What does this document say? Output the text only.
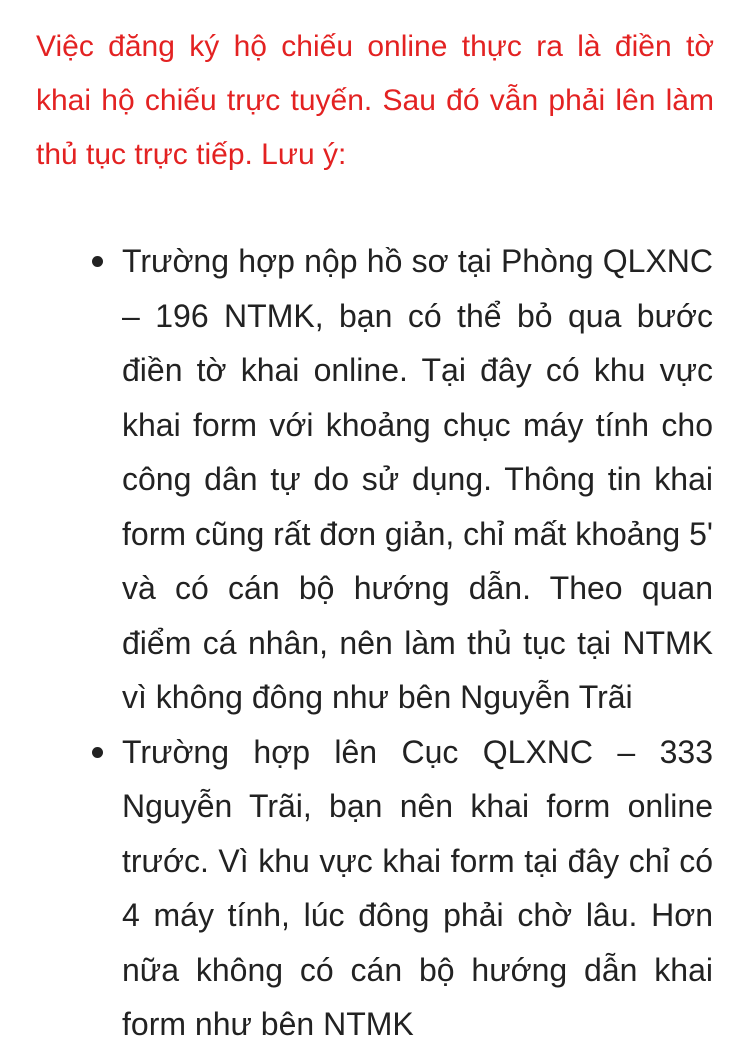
Việc đăng ký hộ chiếu online thực ra là điền tờ khai hộ chiếu trực tuyến. Sau đó vẫn phải lên làm thủ tục trực tiếp. Lưu ý:

Trường hợp nộp hồ sơ tại Phòng QLXNC – 196 NTMK, bạn có thể bỏ qua bước điền tờ khai online. Tại đây có khu vực khai form với khoảng chục máy tính cho công dân tự do sử dụng. Thông tin khai form cũng rất đơn giản, chỉ mất khoảng 5' và có cán bộ hướng dẫn. Theo quan điểm cá nhân, nên làm thủ tục tại NTMK vì không đông như bên Nguyễn Trãi
Trường hợp lên Cục QLXNC – 333 Nguyễn Trãi, bạn nên khai form online trước. Vì khu vực khai form tại đây chỉ có 4 máy tính, lúc đông phải chờ lâu. Hơn nữa không có cán bộ hướng dẫn khai form như bên NTMK
